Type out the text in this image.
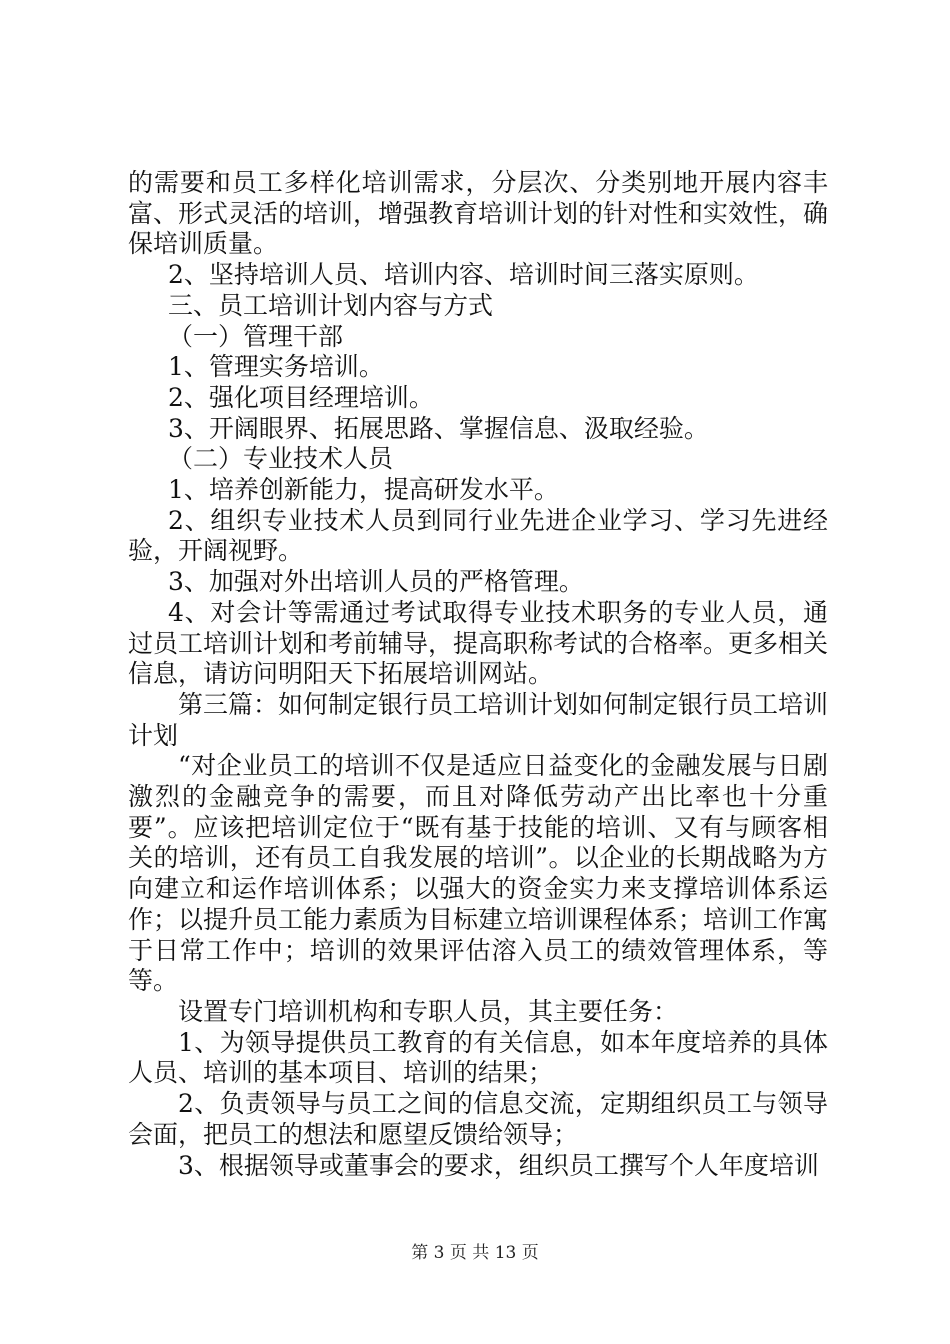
的需要和员工多样化培训需求，分层次、分类别地开展内容丰富、形式灵活的培训，增强教育培训计划的针对性和实效性，确保培训质量。

2、坚持培训人员、培训内容、培训时间三落实原则。

三、员工培训计划内容与方式

（一）管理干部

1、管理实务培训。

2、强化项目经理培训。

3、开阔眼界、拓展思路、掌握信息、汲取经验。

（二）专业技术人员

1、培养创新能力，提高研发水平。

2、组织专业技术人员到同行业先进企业学习、学习先进经验，开阔视野。

3、加强对外出培训人员的严格管理。

4、对会计等需通过考试取得专业技术职务的专业人员，通过员工培训计划和考前辅导，提高职称考试的合格率。更多相关信息，请访问明阳天下拓展培训网站。

第三篇：如何制定银行员工培训计划如何制定银行员工培训计划

“对企业员工的培训不仅是适应日益变化的金融发展与日剧激烈的金融竞争的需要，而且对降低劳动产出比率也十分重要”。应该把培训定位于“既有基于技能的培训、又有与顾客相关的培训，还有员工自我发展的培训”。以企业的长期战略为方向建立和运作培训体系；以强大的资金实力来支撑培训体系运作；以提升员工能力素质为目标建立培训课程体系；培训工作寓于日常工作中；培训的效果评估溶入员工的绩效管理体系，等等。

设置专门培训机构和专职人员，其主要任务：

1、为领导提供员工教育的有关信息，如本年度培养的具体人员、培训的基本项目、培训的结果；

2、负责领导与员工之间的信息交流，定期组织员工与领导会面，把员工的想法和愿望反馈给领导；

3、根据领导或董事会的要求，组织员工撰写个人年度培训

第 3 页 共 13 页
